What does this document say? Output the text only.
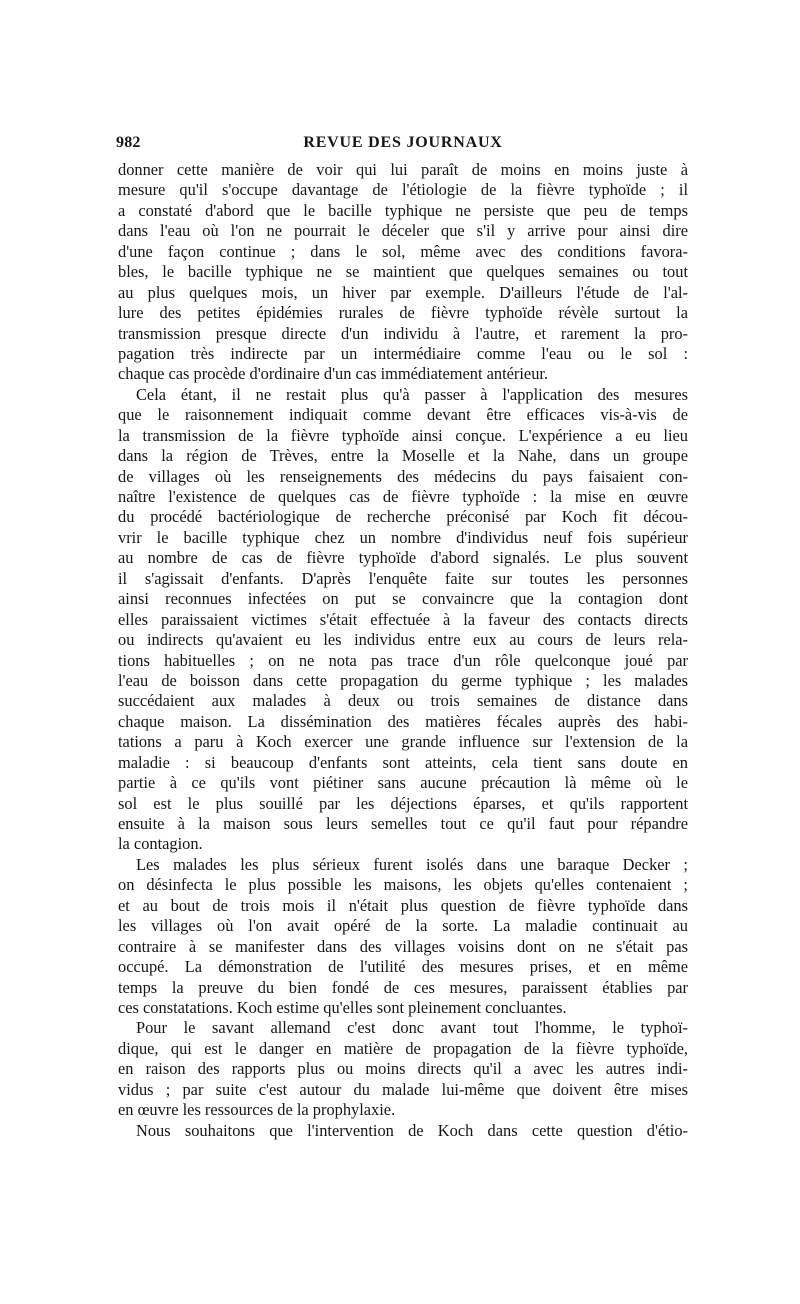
982	REVUE DES JOURNAUX
donner cette manière de voir qui lui paraît de moins en moins juste à
mesure qu'il s'occupe davantage de l'étiologie de la fièvre typhoïde ; il
a constaté d'abord que le bacille typhique ne persiste que peu de temps
dans l'eau où l'on ne pourrait le déceler que s'il y arrive pour ainsi dire
d'une façon continue ; dans le sol, même avec des conditions favora-
bles, le bacille typhique ne se maintient que quelques semaines ou tout
au plus quelques mois, un hiver par exemple. D'ailleurs l'étude de l'al-
lure des petites épidémies rurales de fièvre typhoïde révèle surtout la
transmission presque directe d'un individu à l'autre, et rarement la pro-
pagation très indirecte par un intermédiaire comme l'eau ou le sol :
chaque cas procède d'ordinaire d'un cas immédiatement antérieur.
Cela étant, il ne restait plus qu'à passer à l'application des mesures
que le raisonnement indiquait comme devant être efficaces vis-à-vis de
la transmission de la fièvre typhoïde ainsi conçue. L'expérience a eu lieu
dans la région de Trèves, entre la Moselle et la Nahe, dans un groupe
de villages où les renseignements des médecins du pays faisaient con-
naître l'existence de quelques cas de fièvre typhoïde : la mise en œuvre
du procédé bactériologique de recherche préconisé par Koch fit décou-
vrir le bacille typhique chez un nombre d'individus neuf fois supérieur
au nombre de cas de fièvre typhoïde d'abord signalés. Le plus souvent
il s'agissait d'enfants. D'après l'enquête faite sur toutes les personnes
ainsi reconnues infectées on put se convaincre que la contagion dont
elles paraissaient victimes s'était effectuée à la faveur des contacts directs
ou indirects qu'avaient eu les individus entre eux au cours de leurs rela-
tions habituelles ; on ne nota pas trace d'un rôle quelconque joué par
l'eau de boisson dans cette propagation du germe typhique ; les malades
succédaient aux malades à deux ou trois semaines de distance dans
chaque maison. La dissémination des matières fécales auprès des habi-
tations a paru à Koch exercer une grande influence sur l'extension de la
maladie : si beaucoup d'enfants sont atteints, cela tient sans doute en
partie à ce qu'ils vont piétiner sans aucune précaution là même où le
sol est le plus souillé par les déjections éparses, et qu'ils rapportent
ensuite à la maison sous leurs semelles tout ce qu'il faut pour répandre
la contagion.
Les malades les plus sérieux furent isolés dans une baraque Decker ;
on désinfecta le plus possible les maisons, les objets qu'elles contenaient ;
et au bout de trois mois il n'était plus question de fièvre typhoïde dans
les villages où l'on avait opéré de la sorte. La maladie continuait au
contraire à se manifester dans des villages voisins dont on ne s'était pas
occupé. La démonstration de l'utilité des mesures prises, et en même
temps la preuve du bien fondé de ces mesures, paraissent établies par
ces constatations. Koch estime qu'elles sont pleinement concluantes.
Pour le savant allemand c'est donc avant tout l'homme, le typhoï-
dique, qui est le danger en matière de propagation de la fièvre typhoïde,
en raison des rapports plus ou moins directs qu'il a avec les autres indi-
vidus ; par suite c'est autour du malade lui-même que doivent être mises
en œuvre les ressources de la prophylaxie.
Nous souhaitons que l'intervention de Koch dans cette question d'étio-
